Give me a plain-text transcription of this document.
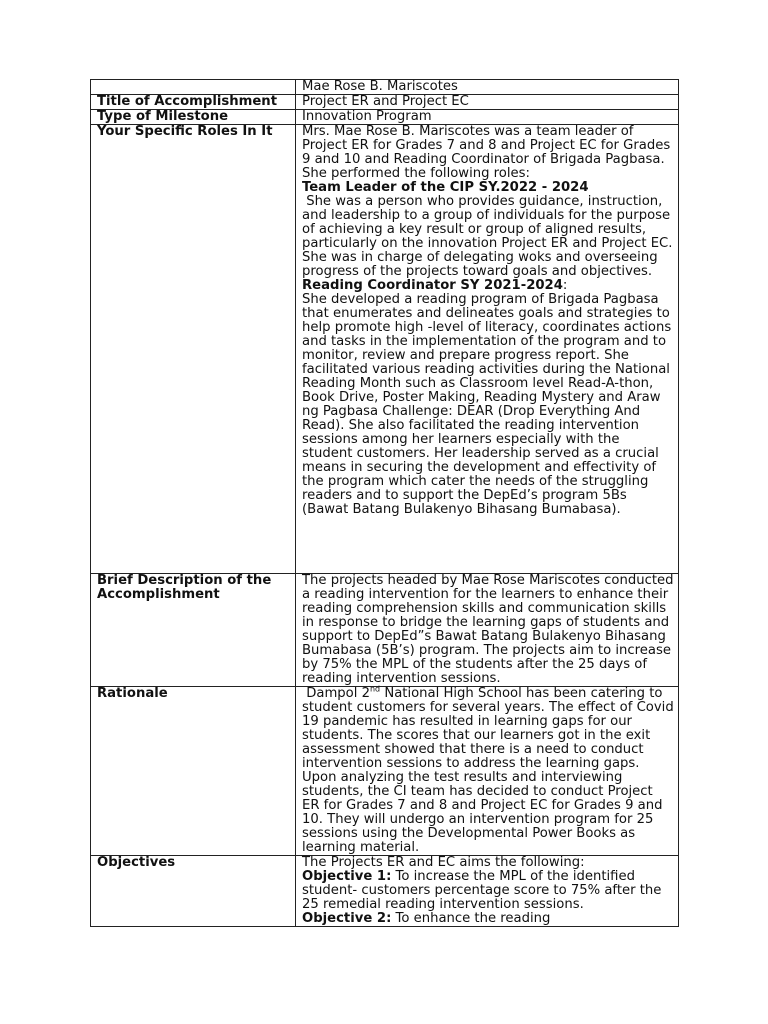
	Mae Rose B. Mariscotes
Title of Accomplishment	Project ER and Project EC
Type of Milestone	Innovation Program
Your Specific Roles In It	Mrs. Mae Rose B. Mariscotes was a team leader of Project ER for Grades 7 and 8 and Project EC for Grades 9 and 10 and Reading Coordinator of Brigada Pagbasa. She performed the following roles:
Team Leader of the CIP SY.2022 - 2024
She was a person who provides guidance, instruction, and leadership to a group of individuals for the purpose of achieving a key result or group of aligned results, particularly on the innovation Project ER and Project EC. She was in charge of delegating woks and overseeing progress of the projects toward goals and objectives.
Reading Coordinator SY 2021-2024:
She developed a reading program of Brigada Pagbasa that enumerates and delineates goals and strategies to help promote high -level of literacy, coordinates actions and tasks in the implementation of the program and to monitor, review and prepare progress report. She facilitated various reading activities during the National Reading Month such as Classroom level Read-A-thon, Book Drive, Poster Making, Reading Mystery and Araw ng Pagbasa Challenge: DEAR (Drop Everything And Read). She also facilitated the reading intervention sessions among her learners especially with the student customers. Her leadership served as a crucial means in securing the development and effectivity of the program which cater the needs of the struggling readers and to support the DepEd’s program 5Bs (Bawat Batang Bulakenyo Bihasang Bumabasa).

Brief Description of the Accomplishment	The projects headed by Mae Rose Mariscotes conducted a reading intervention for the learners to enhance their reading comprehension skills and communication skills in response to bridge the learning gaps of students and support to DepEd”s Bawat Batang Bulakenyo Bihasang Bumabasa (5B’s) program. The projects aim to increase by 75% the MPL of the students after the 25 days of reading intervention sessions.
Rationale	Dampol 2nd National High School has been catering to student customers for several years. The effect of Covid 19 pandemic has resulted in learning gaps for our students. The scores that our learners got in the exit assessment showed that there is a need to conduct intervention sessions to address the learning gaps. Upon analyzing the test results and interviewing students, the CI team has decided to conduct Project ER for Grades 7 and 8 and Project EC for Grades 9 and 10. They will undergo an intervention program for 25 sessions using the Developmental Power Books as learning material.
Objectives	The Projects ER and EC aims the following:
Objective 1: To increase the MPL of the identified student- customers percentage score to 75% after the 25 remedial reading intervention sessions.
Objective 2: To enhance the reading
